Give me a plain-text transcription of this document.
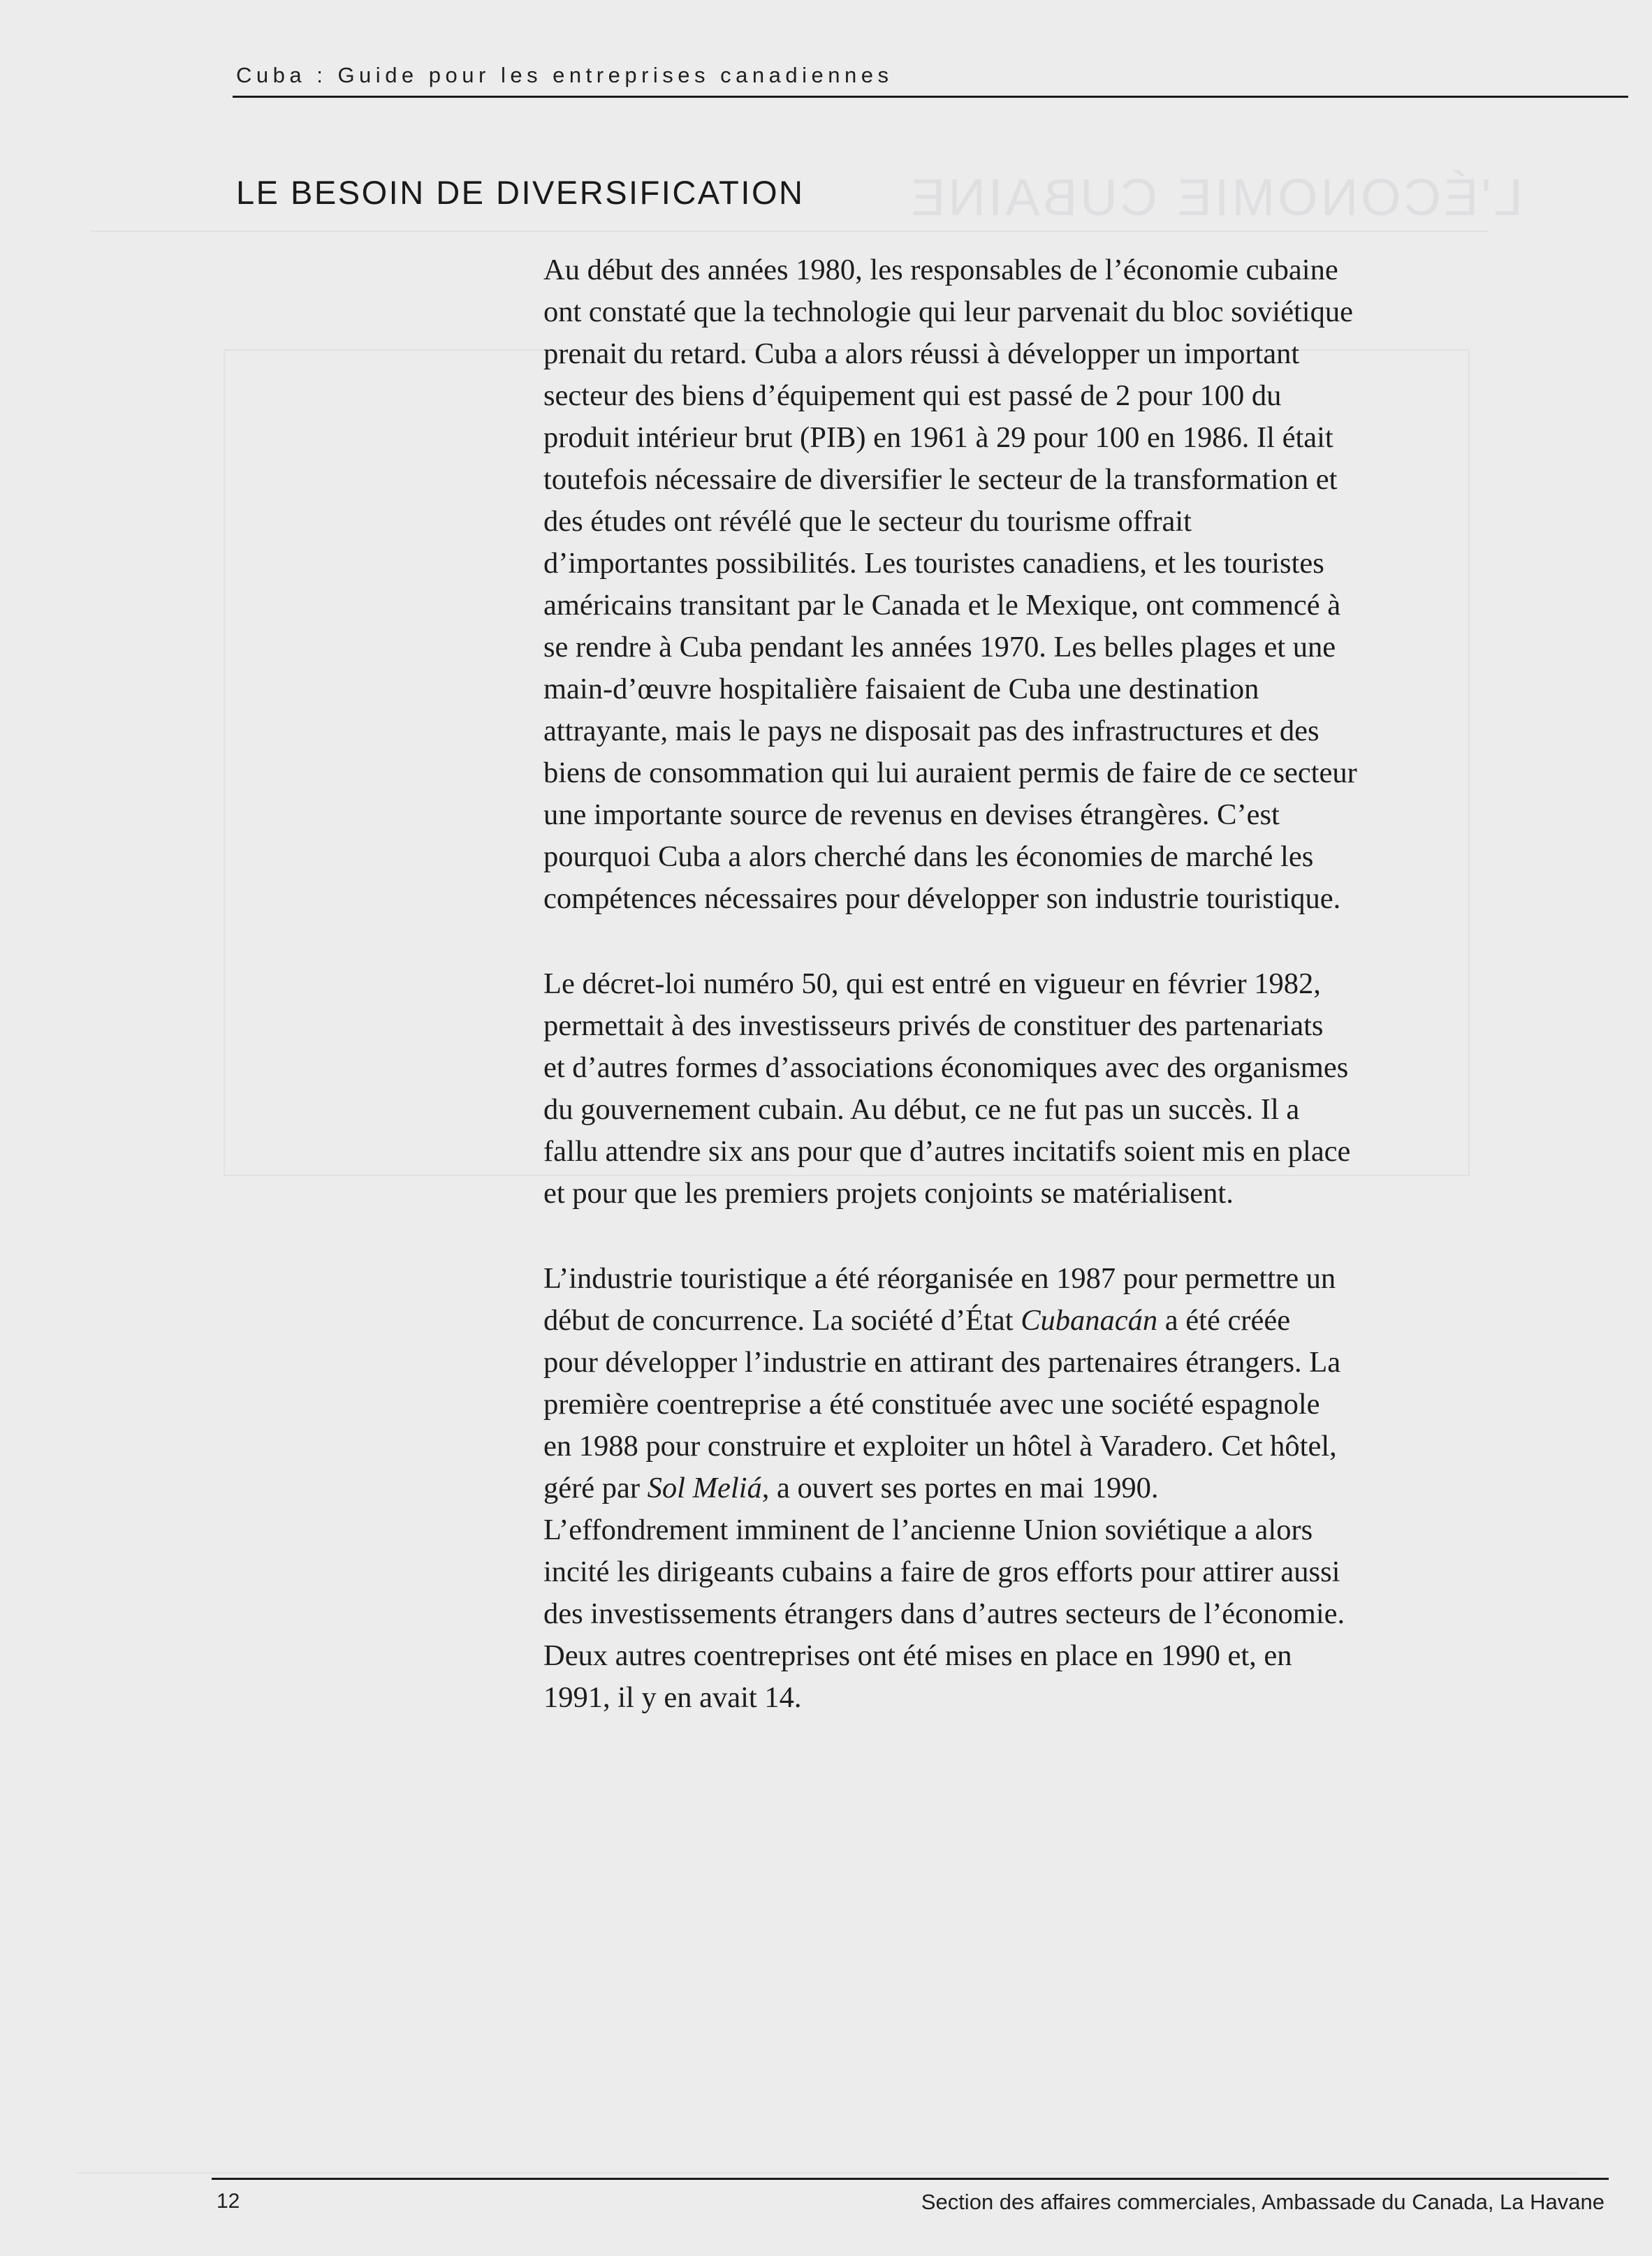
L'ÉCONOMIE CUBAINE
Cuba : Guide pour les entreprises canadiennes
LE BESOIN DE DIVERSIFICATION

Au début des années 1980, les responsables de l’économie cubaine
ont constaté que la technologie qui leur parvenait du bloc soviétique
prenait du retard. Cuba a alors réussi à développer un important
secteur des biens d’équipement qui est passé de 2 pour 100 du
produit intérieur brut (PIB) en 1961 à 29 pour 100 en 1986. Il était
toutefois nécessaire de diversifier le secteur de la transformation et
des études ont révélé que le secteur du tourisme offrait
d’importantes possibilités. Les touristes canadiens, et les touristes
américains transitant par le Canada et le Mexique, ont commencé à
se rendre à Cuba pendant les années 1970. Les belles plages et une
main-d’œuvre hospitalière faisaient de Cuba une destination
attrayante, mais le pays ne disposait pas des infrastructures et des
biens de consommation qui lui auraient permis de faire de ce secteur
une importante source de revenus en devises étrangères. C’est
pourquoi Cuba a alors cherché dans les économies de marché les
compétences nécessaires pour développer son industrie touristique.

Le décret-loi numéro 50, qui est entré en vigueur en février 1982,
permettait à des investisseurs privés de constituer des partenariats
et d’autres formes d’associations économiques avec des organismes
du gouvernement cubain. Au début, ce ne fut pas un succès. Il a
fallu attendre six ans pour que d’autres incitatifs soient mis en place
et pour que les premiers projets conjoints se matérialisent.

L’industrie touristique a été réorganisée en 1987 pour permettre un
début de concurrence. La société d’État Cubanacán a été créée
pour développer l’industrie en attirant des partenaires étrangers. La
première coentreprise a été constituée avec une société espagnole
en 1988 pour construire et exploiter un hôtel à Varadero. Cet hôtel,
géré par Sol Meliá, a ouvert ses portes en mai 1990.

L’effondrement imminent de l’ancienne Union soviétique a alors
incité les dirigeants cubains a faire de gros efforts pour attirer aussi
des investissements étrangers dans d’autres secteurs de l’économie.
Deux autres coentreprises ont été mises en place en 1990 et, en
1991, il y en avait 14.

12	Section des affaires commerciales, Ambassade du Canada, La Havane
